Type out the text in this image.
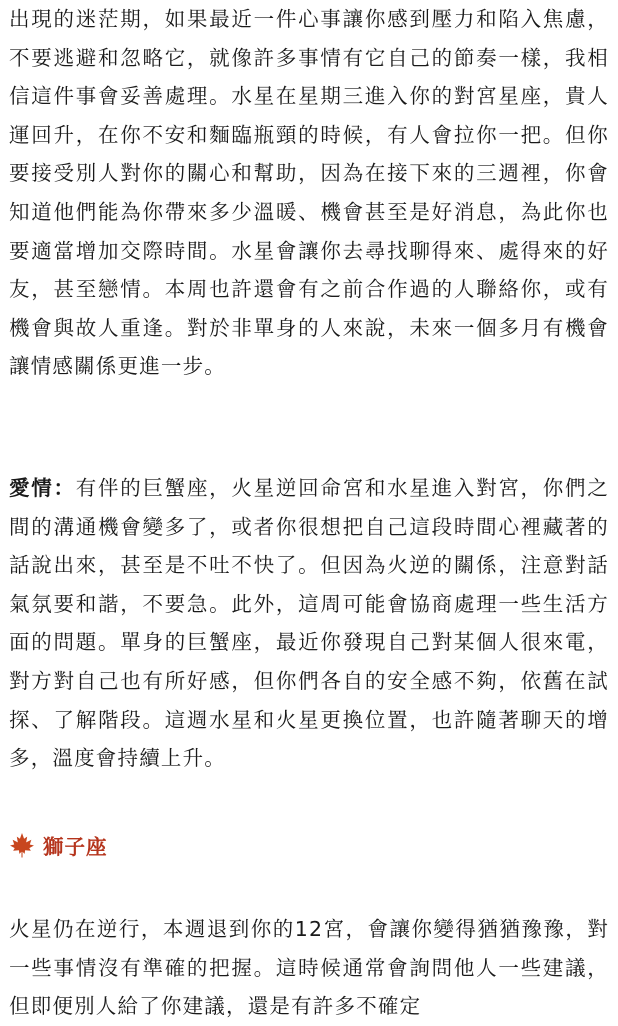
出現的迷茫期，如果最近一件心事讓你感到壓力和陷入焦慮，不要逃避和忽略它，就像許多事情有它自己的節奏一樣，我相信這件事會妥善處理。水星在星期三進入你的對宮星座，貴人運回升，在你不安和麵臨瓶頸的時候，有人會拉你一把。但你要接受別人對你的關心和幫助，因為在接下來的三週裡，你會知道他們能為你帶來多少溫暖、機會甚至是好消息，為此你也要適當增加交際時間。水星會讓你去尋找聊得來、處得來的好友，甚至戀情。本周也許還會有之前合作過的人聯絡你，或有機會與故人重逢。對於非單身的人來說，未來一個多月有機會讓情感關係更進一步。

愛情：有伴的巨蟹座，火星逆回命宮和水星進入對宮，你們之間的溝通機會變多了，或者你很想把自己這段時間心裡藏著的話說出來，甚至是不吐不快了。但因為火逆的關係，注意對話氣氛要和諧，不要急。此外，這周可能會協商處理一些生活方面的問題。單身的巨蟹座，最近你發現自己對某個人很來電，對方對自己也有所好感，但你們各自的安全感不夠，依舊在試探、了解階段。這週水星和火星更換位置，也許隨著聊天的增多，溫度會持續上升。

獅子座

火星仍在逆行，本週退到你的12宮，會讓你變得猶猶豫豫，對一些事情沒有準確的把握。這時候通常會詢問他人一些建議，但即便別人給了你建議，還是有許多不確定
